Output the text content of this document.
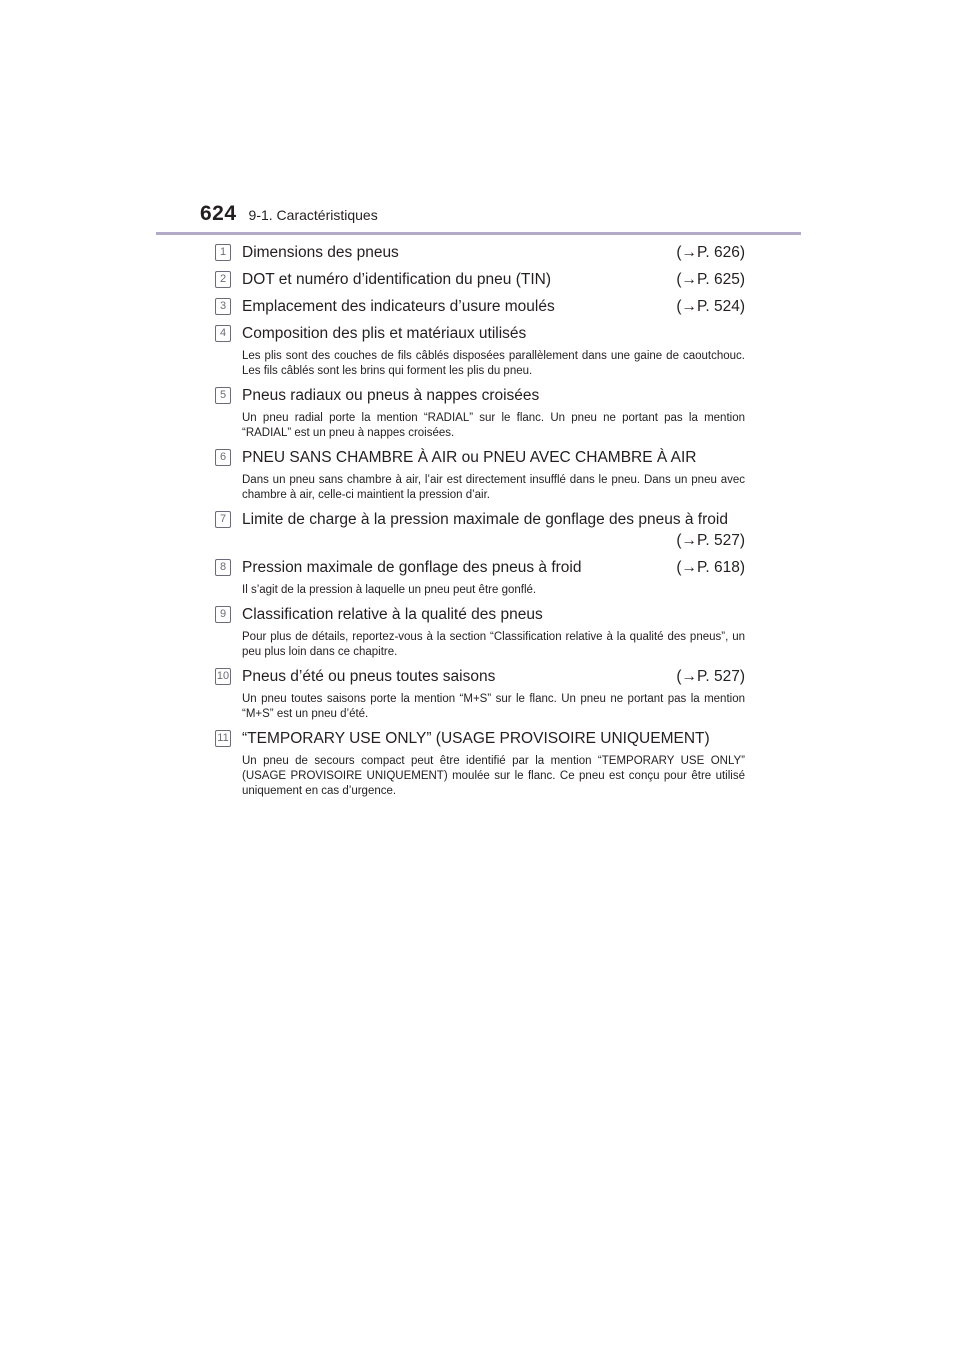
624 9-1. Caractéristiques
1	Dimensions des pneus	(→P. 626)
2	DOT et numéro d’identification du pneu (TIN)	(→P. 625)
3	Emplacement des indicateurs d’usure moulés	(→P. 524)
4	Composition des plis et matériaux utilisés
Les plis sont des couches de fils câblés disposées parallèlement dans une gaine de caoutchouc. Les fils câblés sont les brins qui forment les plis du pneu.
5	Pneus radiaux ou pneus à nappes croisées
Un pneu radial porte la mention “RADIAL” sur le flanc. Un pneu ne portant pas la mention “RADIAL” est un pneu à nappes croisées.
6	PNEU SANS CHAMBRE À AIR ou PNEU AVEC CHAMBRE À AIR
Dans un pneu sans chambre à air, l’air est directement insufflé dans le pneu. Dans un pneu avec chambre à air, celle-ci maintient la pression d’air.
7	Limite de charge à la pression maximale de gonflage des pneus à froid
(→P. 527)
8	Pression maximale de gonflage des pneus à froid	(→P. 618)
Il s’agit de la pression à laquelle un pneu peut être gonflé.
9	Classification relative à la qualité des pneus
Pour plus de détails, reportez-vous à la section “Classification relative à la qualité des pneus”, un peu plus loin dans ce chapitre.
10 Pneus d’été ou pneus toutes saisons	(→P. 527)
Un pneu toutes saisons porte la mention “M+S” sur le flanc. Un pneu ne portant pas la mention “M+S” est un pneu d’été.
11 “TEMPORARY USE ONLY” (USAGE PROVISOIRE UNIQUEMENT)
Un pneu de secours compact peut être identifié par la mention “TEMPORARY USE ONLY” (USAGE PROVISOIRE UNIQUEMENT) moulée sur le flanc. Ce pneu est conçu pour être utilisé uniquement en cas d’urgence.
